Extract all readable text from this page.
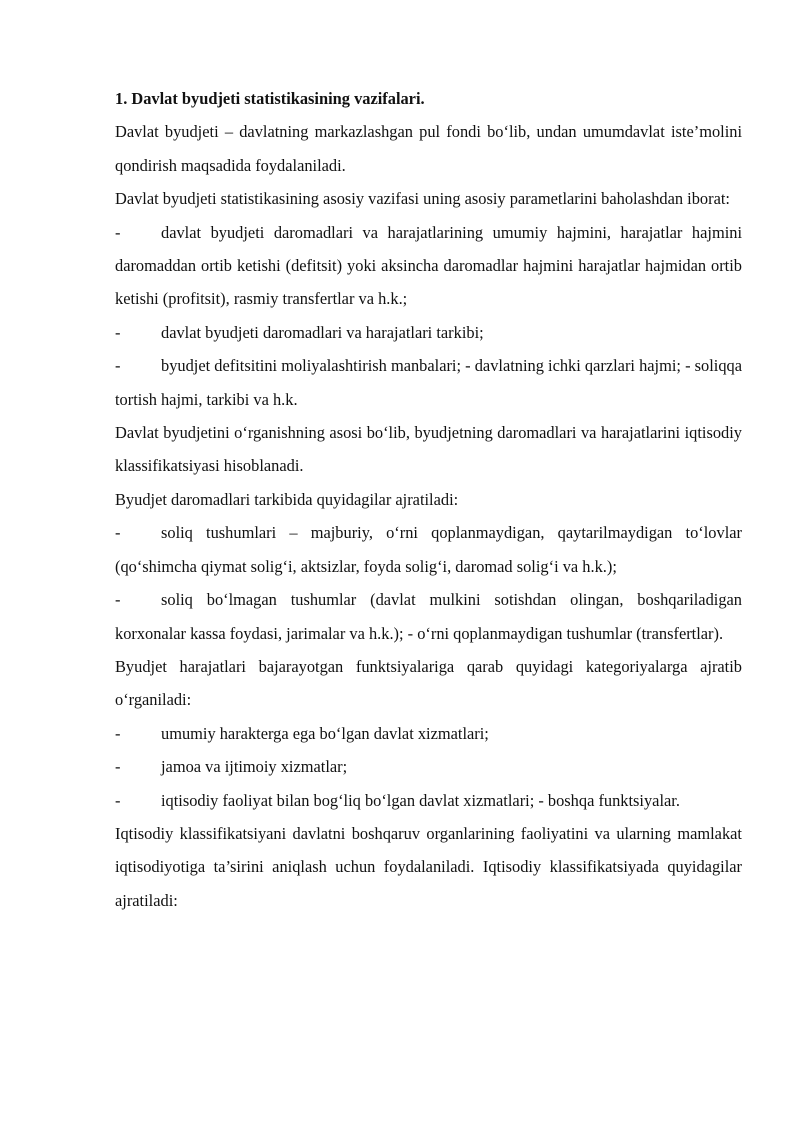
1. Davlat byudjeti statistikasining vazifalari.

Davlat byudjeti – davlatning markazlashgan pul fondi bo‘lib, undan umumdavlat iste’molini qondirish maqsadida foydalaniladi.

Davlat byudjeti statistikasining asosiy vazifasi uning asosiy parametlarini baholashdan iborat:

- davlat byudjeti daromadlari va harajatlarining umumiy hajmini, harajatlar hajmini daromaddan ortib ketishi (defitsit) yoki aksincha daromadlar hajmini harajatlar hajmidan ortib ketishi (profitsit), rasmiy transfertlar va h.k.;

- davlat byudjeti daromadlari va harajatlari tarkibi;

- byudjet defitsitini moliyalashtirish manbalari; - davlatning ichki qarzlari hajmi; - soliqqa tortish hajmi, tarkibi va h.k.

Davlat byudjetini o‘rganishning asosi bo‘lib, byudjetning daromadlari va harajatlarini iqtisodiy klassifikatsiyasi hisoblanadi.

Byudjet daromadlari tarkibida quyidagilar ajratiladi:

- soliq tushumlari – majburiy, o‘rni qoplanmaydigan, qaytarilmaydigan to‘lovlar (qo‘shimcha qiymat solig‘i, aktsizlar, foyda solig‘i, daromad solig‘i va h.k.);

- soliq bo‘lmagan tushumlar (davlat mulkini sotishdan olingan, boshqariladigan korxonalar kassa foydasi, jarimalar va h.k.); - o‘rni qoplanmaydigan tushumlar (transfertlar).

Byudjet harajatlari bajarayotgan funktsiyalariga qarab quyidagi kategoriyalarga ajratib o‘rganiladi:

- umumiy harakterga ega bo‘lgan davlat xizmatlari;

- jamoa va ijtimoiy xizmatlar;

- iqtisodiy faoliyat bilan bog‘liq bo‘lgan davlat xizmatlari; - boshqa funktsiyalar.

Iqtisodiy klassifikatsiyani davlatni boshqaruv organlarining faoliyatini va ularning mamlakat iqtisodiyotiga ta’sirini aniqlash uchun foydalaniladi. Iqtisodiy klassifikatsiyada quyidagilar ajratiladi:
